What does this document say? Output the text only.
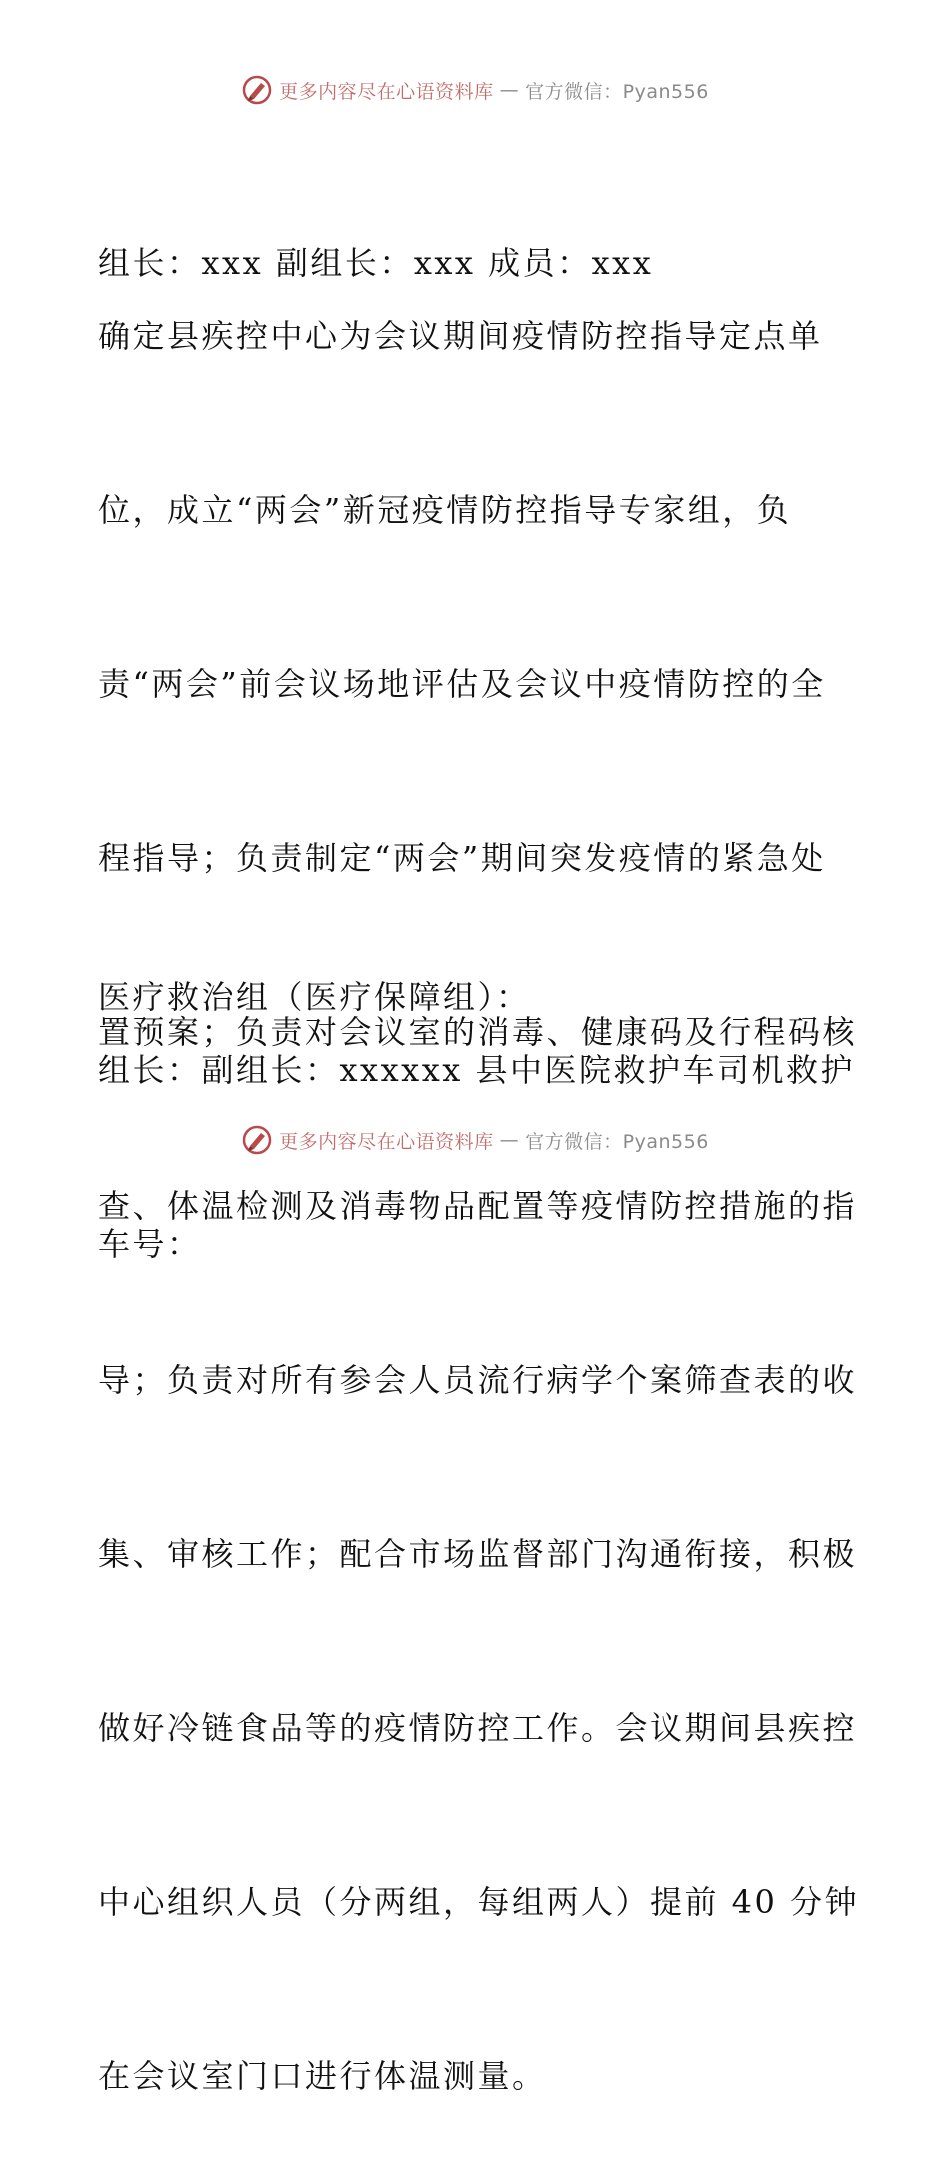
更多内容尽在心语资料库 — 官方微信：Pyan556

组长：xxx 副组长：xxx 成员：xxx

确定县疾控中心为会议期间疫情防控指导定点单

位，成立“两会”新冠疫情防控指导专家组，负

责“两会”前会议场地评估及会议中疫情防控的全

程指导；负责制定“两会”期间突发疫情的紧急处

置预案；负责对会议室的消毒、健康码及行程码核

查、体温检测及消毒物品配置等疫情防控措施的指

导；负责对所有参会人员流行病学个案筛查表的收

集、审核工作；配合市场监督部门沟通衔接，积极

做好冷链食品等的疫情防控工作。会议期间县疾控

中心组织人员（分两组，每组两人）提前 40 分钟

在会议室门口进行体温测量。

医疗救治组（医疗保障组）：

组长：副组长：xxxxxx 县中医院救护车司机救护

车号：

更多内容尽在心语资料库 — 官方微信：Pyan556
